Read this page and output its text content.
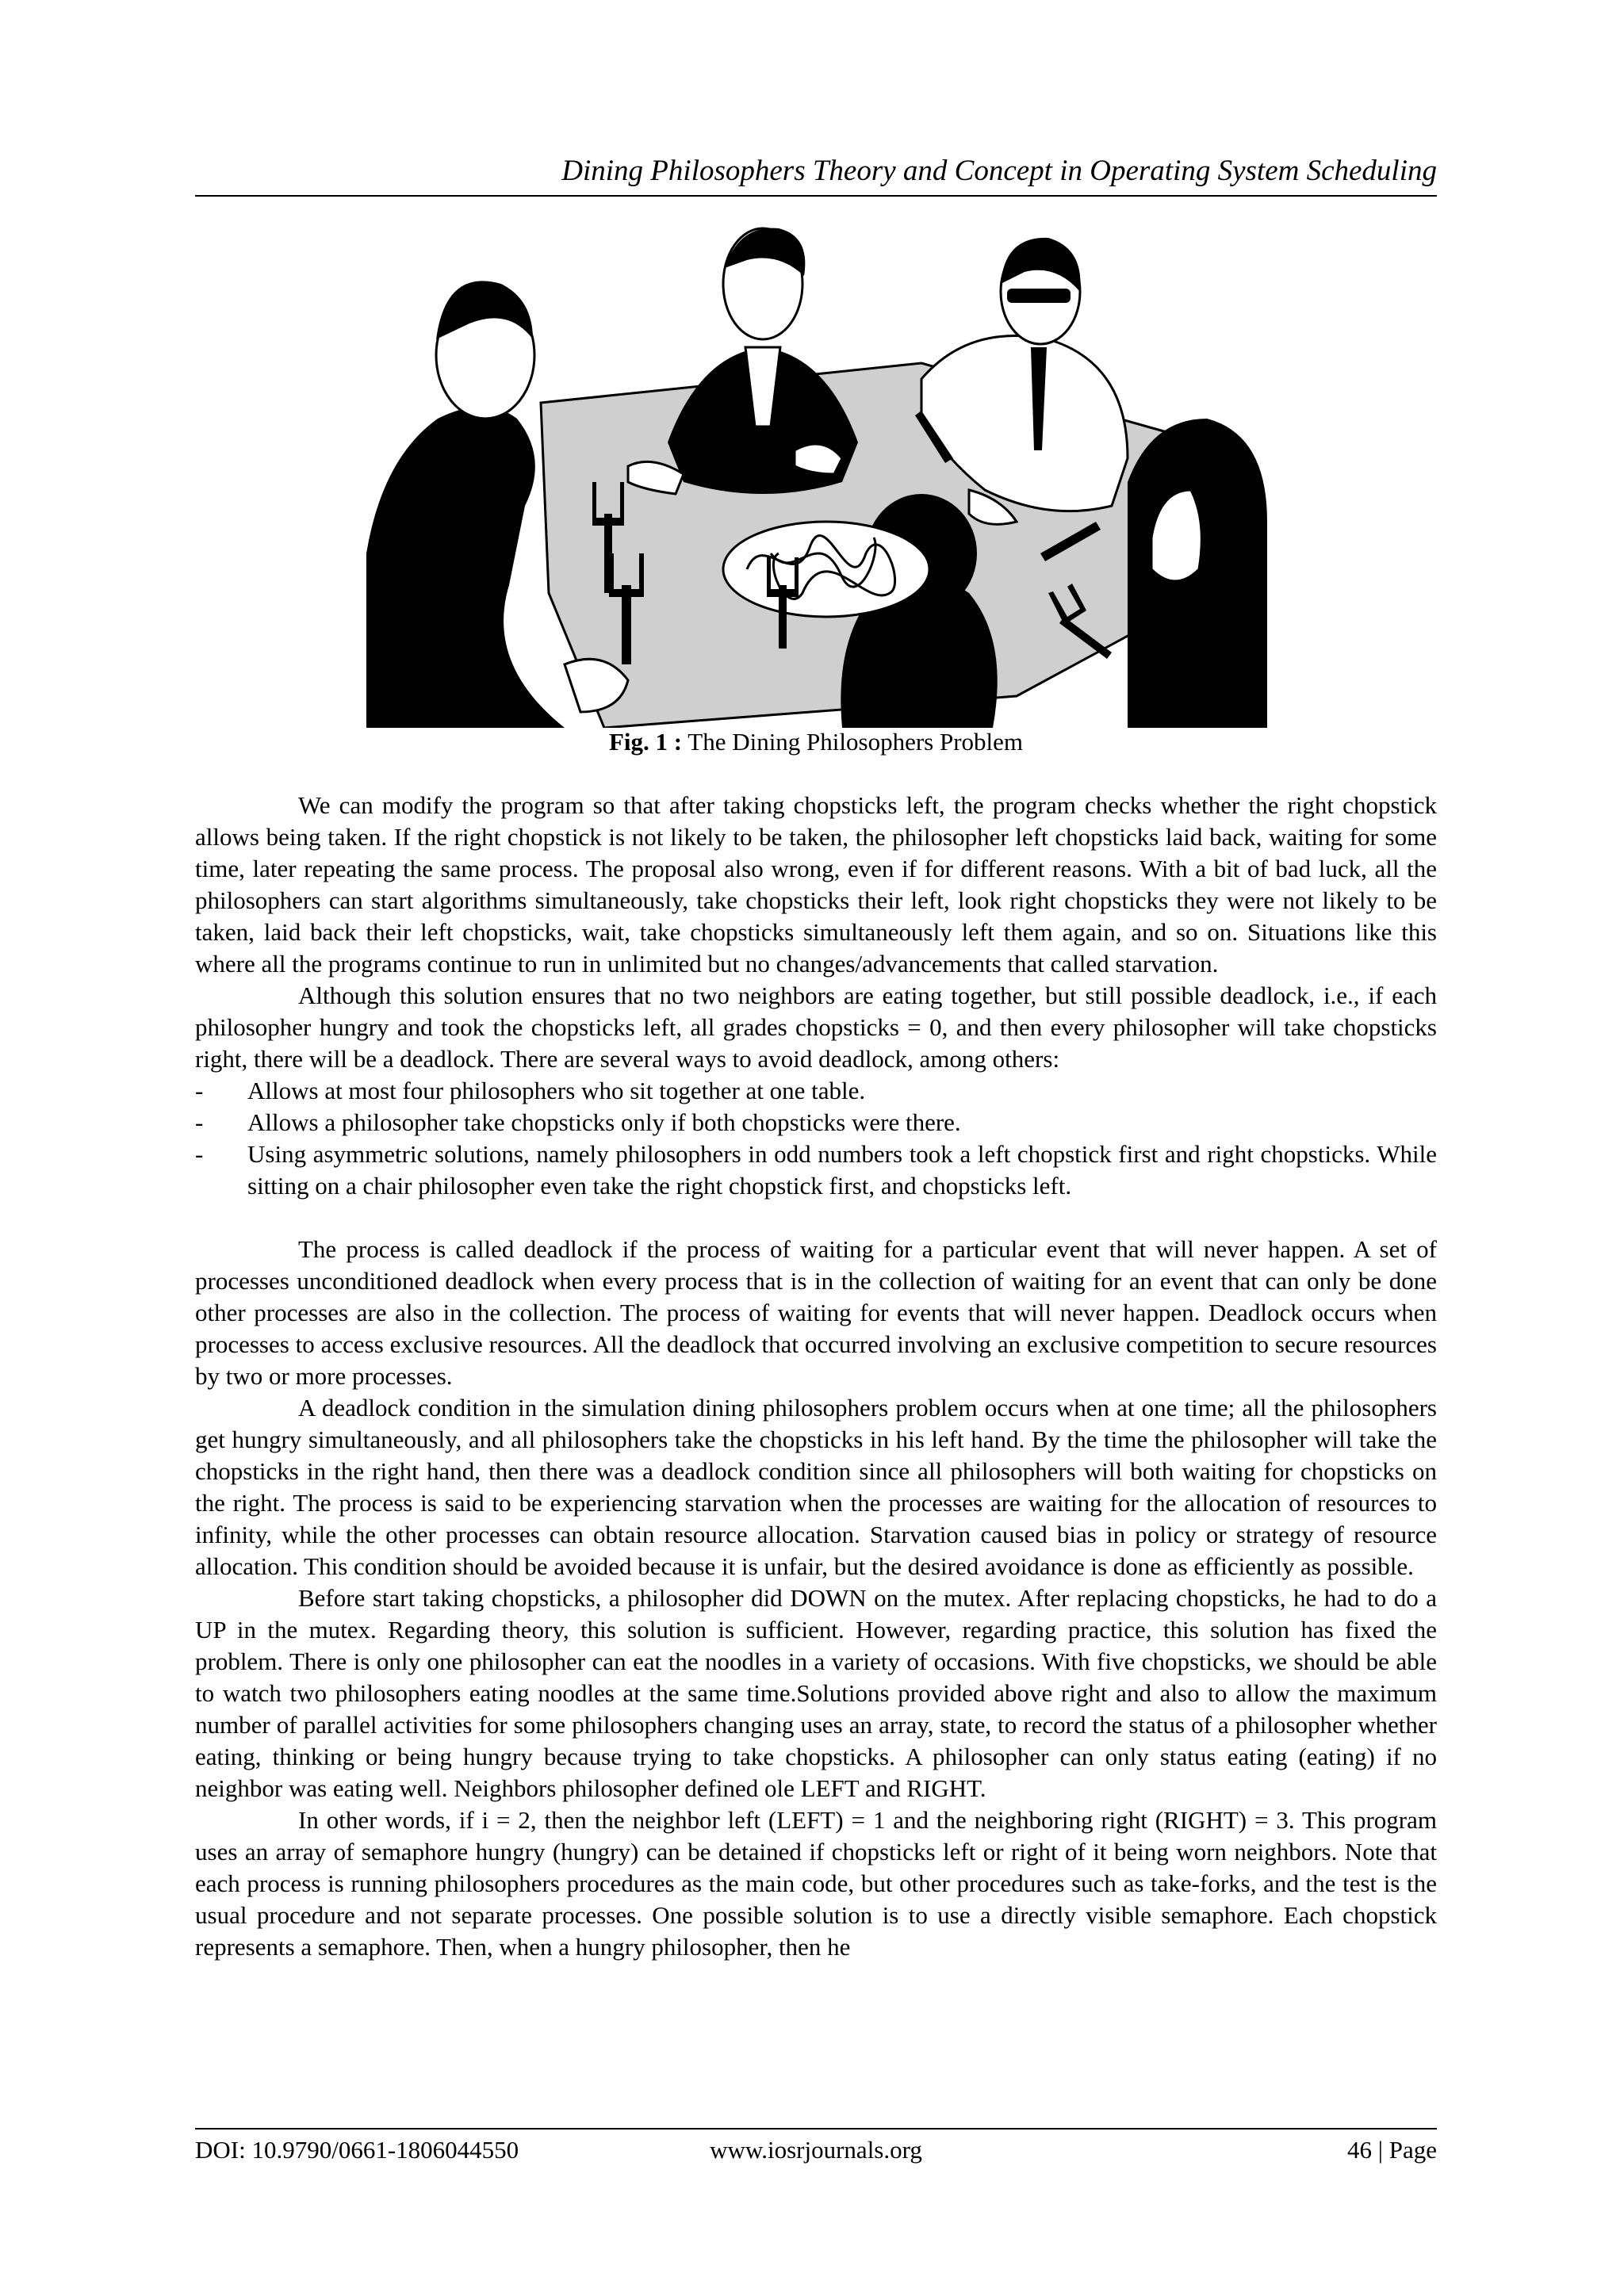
Dining Philosophers Theory and Concept in Operating System Scheduling
Fig. 1 : The Dining Philosophers Problem

We can modify the program so that after taking chopsticks left, the program checks whether the right chopstick allows being taken. If the right chopstick is not likely to be taken, the philosopher left chopsticks laid back, waiting for some time, later repeating the same process. The proposal also wrong, even if for different reasons. With a bit of bad luck, all the philosophers can start algorithms simultaneously, take chopsticks their left, look right chopsticks they were not likely to be taken, laid back their left chopsticks, wait, take chopsticks simultaneously left them again, and so on. Situations like this where all the programs continue to run in unlimited but no changes/advancements that called starvation.

Although this solution ensures that no two neighbors are eating together, but still possible deadlock, i.e., if each philosopher hungry and took the chopsticks left, all grades chopsticks = 0, and then every philosopher will take chopsticks right, there will be a deadlock. There are several ways to avoid deadlock, among others:

- Allows at most four philosophers who sit together at one table.
- Allows a philosopher take chopsticks only if both chopsticks were there.
- Using asymmetric solutions, namely philosophers in odd numbers took a left chopstick first and right chopsticks. While sitting on a chair philosopher even take the right chopstick first, and chopsticks left.

The process is called deadlock if the process of waiting for a particular event that will never happen. A set of processes unconditioned deadlock when every process that is in the collection of waiting for an event that can only be done other processes are also in the collection. The process of waiting for events that will never happen. Deadlock occurs when processes to access exclusive resources. All the deadlock that occurred involving an exclusive competition to secure resources by two or more processes.

A deadlock condition in the simulation dining philosophers problem occurs when at one time; all the philosophers get hungry simultaneously, and all philosophers take the chopsticks in his left hand. By the time the philosopher will take the chopsticks in the right hand, then there was a deadlock condition since all philosophers will both waiting for chopsticks on the right. The process is said to be experiencing starvation when the processes are waiting for the allocation of resources to infinity, while the other processes can obtain resource allocation. Starvation caused bias in policy or strategy of resource allocation. This condition should be avoided because it is unfair, but the desired avoidance is done as efficiently as possible.

Before start taking chopsticks, a philosopher did DOWN on the mutex. After replacing chopsticks, he had to do a UP in the mutex. Regarding theory, this solution is sufficient. However, regarding practice, this solution has fixed the problem. There is only one philosopher can eat the noodles in a variety of occasions. With five chopsticks, we should be able to watch two philosophers eating noodles at the same time.Solutions provided above right and also to allow the maximum number of parallel activities for some philosophers changing uses an array, state, to record the status of a philosopher whether eating, thinking or being hungry because trying to take chopsticks. A philosopher can only status eating (eating) if no neighbor was eating well. Neighbors philosopher defined ole LEFT and RIGHT.

In other words, if i = 2, then the neighbor left (LEFT) = 1 and the neighboring right (RIGHT) = 3. This program uses an array of semaphore hungry (hungry) can be detained if chopsticks left or right of it being worn neighbors. Note that each process is running philosophers procedures as the main code, but other procedures such as take-forks, and the test is the usual procedure and not separate processes. One possible solution is to use a directly visible semaphore. Each chopstick represents a semaphore. Then, when a hungry philosopher, then he

DOI: 10.9790/0661-1806044550	www.iosrjournals.org	46 | Page
